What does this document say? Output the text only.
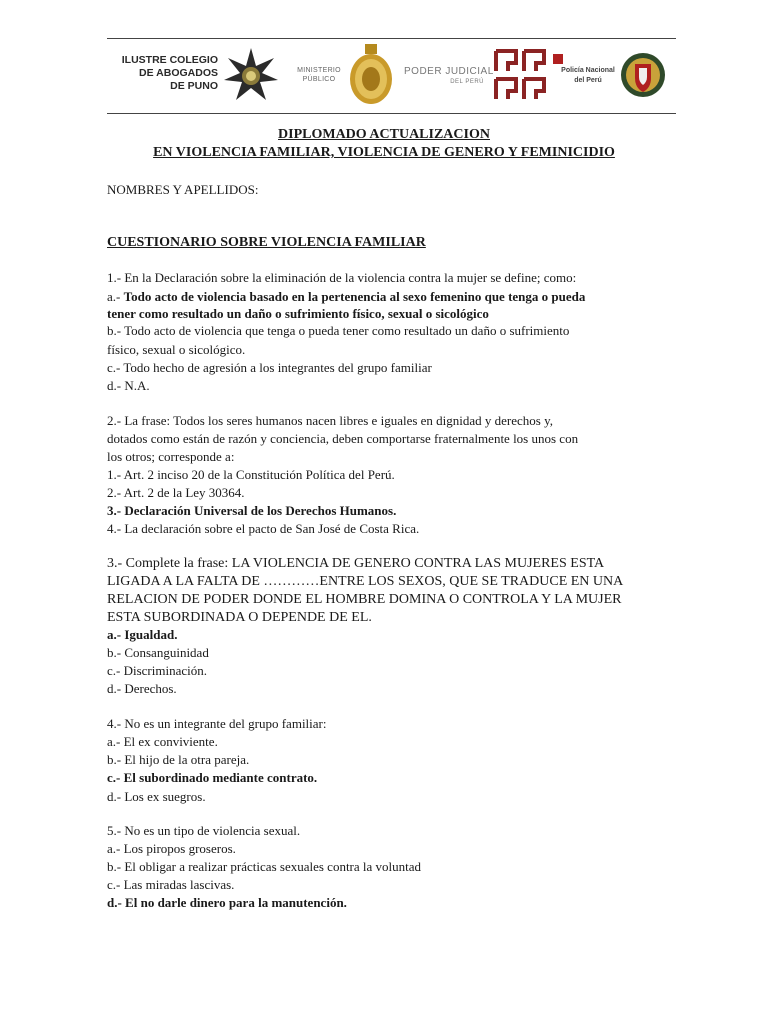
ILUSTRE COLEGIO
DE ABOGADOS
DE PUNO
MINISTERIO
PÚBLICO
PODER JUDICIAL
DEL PERÚ
Policía Nacional
del Perú
DIPLOMADO ACTUALIZACION
EN VIOLENCIA FAMILIAR, VIOLENCIA DE GENERO Y FEMINICIDIO
NOMBRES Y APELLIDOS:
CUESTIONARIO SOBRE VIOLENCIA FAMILIAR
1.- En la Declaración sobre la eliminación de la violencia contra la mujer se define; como:
a.- Todo acto de violencia basado en la pertenencia al sexo femenino que tenga o pueda
tener como resultado un daño o sufrimiento físico, sexual o sicológico
b.- Todo acto de violencia que tenga o pueda tener como resultado un daño o sufrimiento
físico, sexual o sicológico.
c.- Todo hecho de agresión a los integrantes del grupo familiar
d.- N.A.
2.- La frase: Todos los seres humanos nacen libres e iguales en dignidad y derechos y,
dotados como están de razón y conciencia, deben comportarse fraternalmente los unos con
los otros; corresponde a:
1.- Art. 2 inciso 20 de la Constitución Política del Perú.
2.- Art. 2 de la Ley 30364.
3.- Declaración Universal de los Derechos Humanos.
4.- La declaración sobre el pacto de San José de Costa Rica.
3.- Complete la frase: LA VIOLENCIA DE GENERO CONTRA LAS MUJERES ESTA
LIGADA A LA FALTA DE …………ENTRE LOS SEXOS, QUE SE TRADUCE EN UNA
RELACION DE PODER DONDE EL HOMBRE DOMINA O CONTROLA Y LA MUJER
ESTA SUBORDINADA O DEPENDE DE EL.
a.- Igualdad.
b.- Consanguinidad
c.- Discriminación.
d.- Derechos.
4.- No es un integrante del grupo familiar:
a.- El ex conviviente.
b.- El hijo de la otra pareja.
c.- El subordinado mediante contrato.
d.- Los ex suegros.
5.- No es un tipo de violencia sexual.
a.- Los piropos groseros.
b.- El obligar a realizar prácticas sexuales contra la voluntad
c.- Las miradas lascivas.
d.- El no darle dinero para la manutención.
